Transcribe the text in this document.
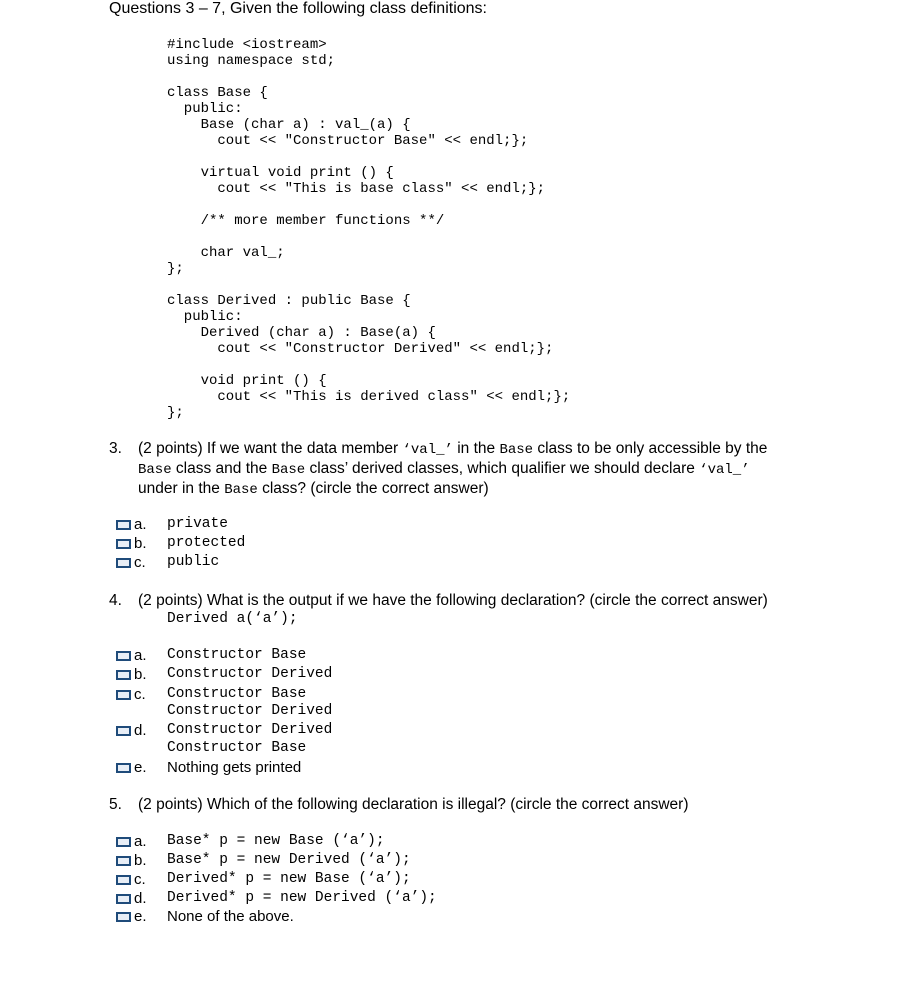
Questions 3 – 7, Given the following class definitions:
#include <iostream>
using namespace std;
class Base {
public:
Base (char a) : val_(a) {
cout << "Constructor Base" << endl;};
virtual void print () {
cout << "This is base class" << endl;};
/** more member functions **/
char val_;
};
class Derived : public Base {
public:
Derived (char a) : Base(a) {
cout << "Constructor Derived" << endl;};
void print () {
cout << "This is derived class" << endl;};
};
3. (2 points) If we want the data member ‘val_’ in the Base class to be only accessible by the
Base class and the Base class’ derived classes, which qualifier we should declare ‘val_’
under in the Base class? (circle the correct answer)

a.

private

b.

protected

c.

public

4. (2 points) What is the output if we have the following declaration? (circle the correct answer)
Derived a(‘a’);

a.

Constructor Base

b.

Constructor Derived

c.

Constructor Base

Constructor Derived

d.

Constructor Derived

Constructor Base

e.

Nothing gets printed

5. (2 points) Which of the following declaration is illegal? (circle the correct answer)

a.

Base* p = new Base (‘a’);

b.

Base* p = new Derived (‘a’);

c.

Derived* p = new Base (‘a’);

d.

Derived* p = new Derived (‘a’);

e.

None of the above.
